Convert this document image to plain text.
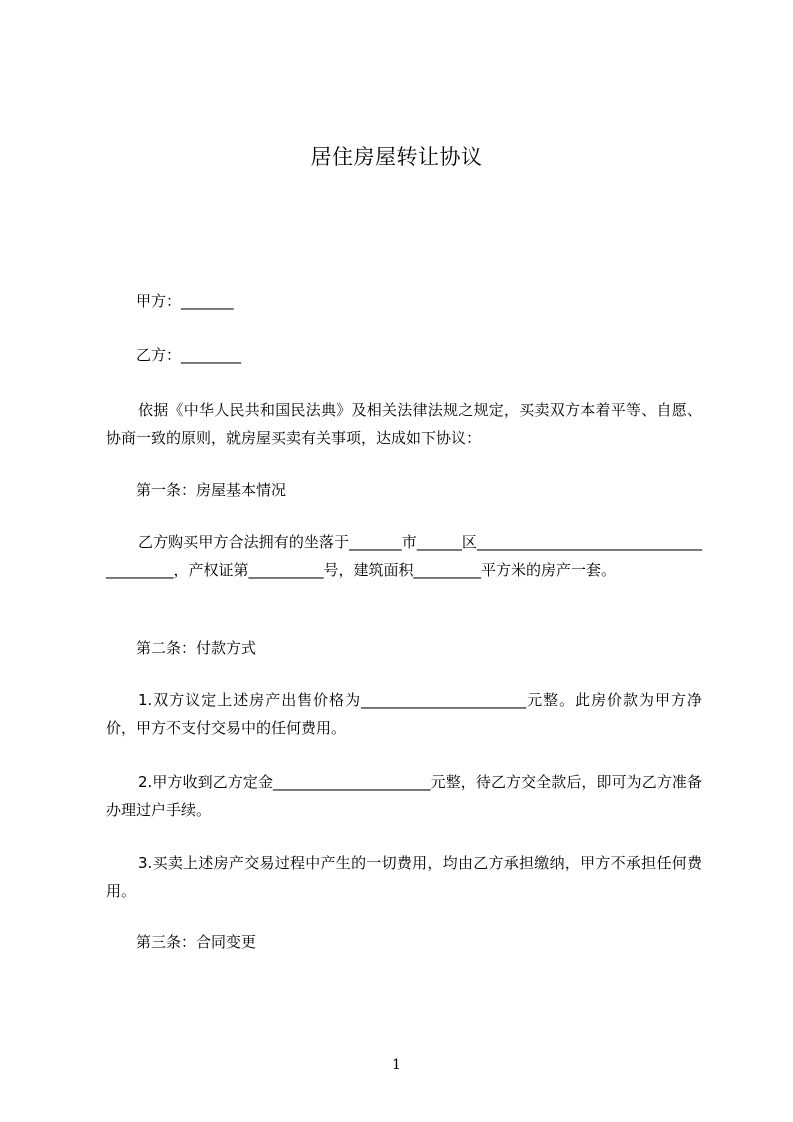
居住房屋转让协议
甲方：_______
乙方：________
依据《中华人民共和国民法典》及相关法律法规之规定，买卖双方本着平等、自愿、协商一致的原则，就房屋买卖有关事项，达成如下协议：
第一条：房屋基本情况
乙方购买甲方合法拥有的坐落于_______市______区_______________________________________，产权证第__________号，建筑面积_________平方米的房产一套。
第二条：付款方式
1.双方议定上述房产出售价格为______________________元整。此房价款为甲方净价，甲方不支付交易中的任何费用。
2.甲方收到乙方定金_____________________元整，待乙方交全款后，即可为乙方准备办理过户手续。
3.买卖上述房产交易过程中产生的一切费用，均由乙方承担缴纳，甲方不承担任何费用。
第三条：合同变更
1
